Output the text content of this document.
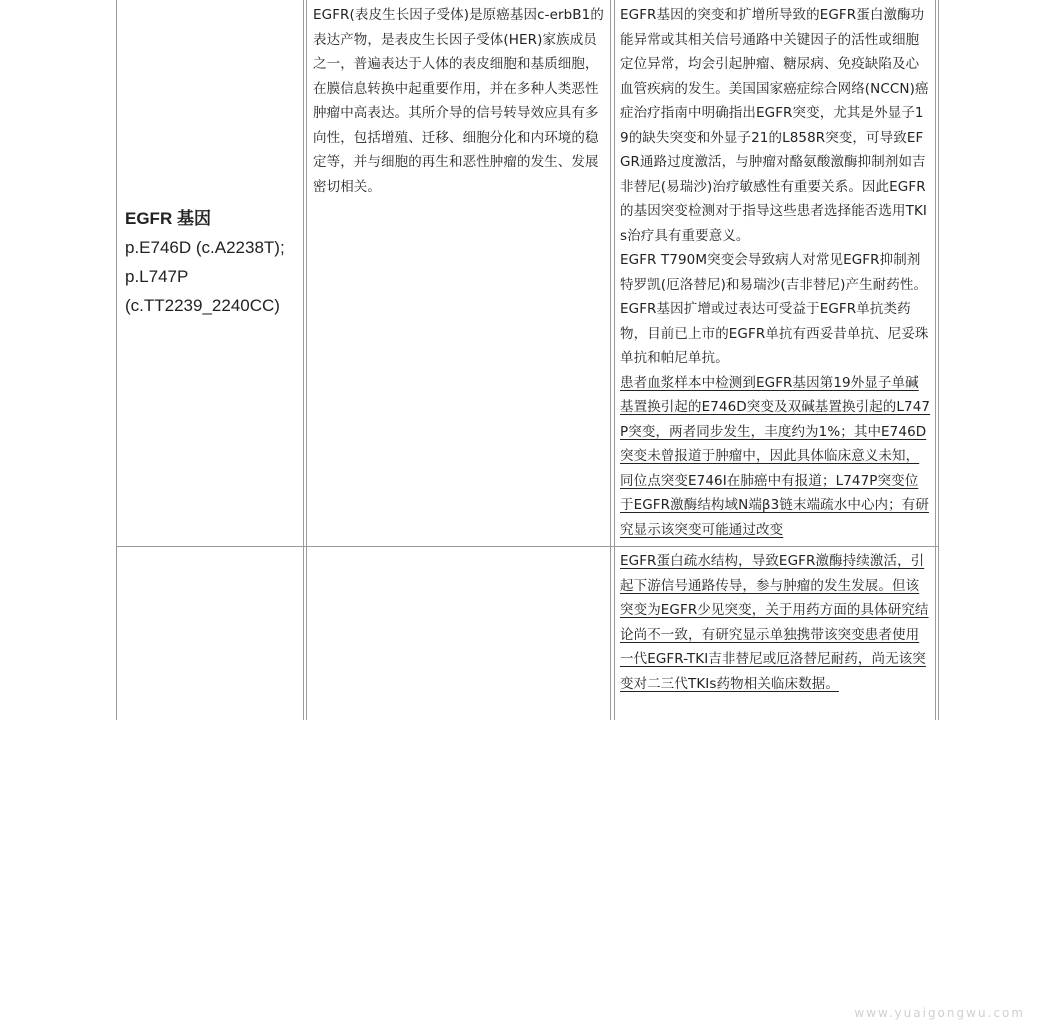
EGFR 基因
p.E746D (c.A2238T);
p.L747P
(c.TT2239_2240CC)

EGFR(表皮生长因子受体)是原癌基因c-erbB1的表达产物，是表皮生长因子受体(HER)家族成员之一，普遍表达于人体的表皮细胞和基质细胞，在膜信息转换中起重要作用，并在多种人类恶性肿瘤中高表达。其所介导的信号转导效应具有多向性，包括增殖、迁移、细胞分化和内环境的稳定等，并与细胞的再生和恶性肿瘤的发生、发展密切相关。

EGFR基因的突变和扩增所导致的EGFR蛋白激酶功能异常或其相关信号通路中关键因子的活性或细胞定位异常，均会引起肿瘤、糖尿病、免疫缺陷及心血管疾病的发生。美国国家癌症综合网络(NCCN)癌症治疗指南中明确指出EGFR突变，尤其是外显子19的缺失突变和外显子21的L858R突变，可导致EFGR通路过度激活，与肿瘤对酪氨酸激酶抑制剂如吉非替尼(易瑞沙)治疗敏感性有重要关系。因此EGFR的基因突变检测对于指导这些患者选择能否选用TKIs治疗具有重要意义。

EGFR T790M突变会导致病人对常见EGFR抑制剂特罗凯(厄洛替尼)和易瑞沙(吉非替尼)产生耐药性。EGFR基因扩增或过表达可受益于EGFR单抗类药物，目前已上市的EGFR单抗有西妥昔单抗、尼妥珠单抗和帕尼单抗。

患者血浆样本中检测到EGFR基因第19外显子单碱基置换引起的E746D突变及双碱基置换引起的L747P突变，两者同步发生，丰度约为1%；其中E746D突变未曾报道于肿瘤中，因此具体临床意义未知，同位点突变E746I在肺癌中有报道；L747P突变位于EGFR激酶结构域N端β3链末端疏水中心内；有研究显示该突变可能通过改变

EGFR蛋白疏水结构，导致EGFR激酶持续激活，引起下游信号通路传导，参与肿瘤的发生发展。但该突变为EGFR少见突变，关于用药方面的具体研究结论尚不一致，有研究显示单独携带该突变患者使用一代EGFR-TKI吉非替尼或厄洛替尼耐药，尚无该突变对二三代TKIs药物相关临床数据。

www.yuaigongwu.com
